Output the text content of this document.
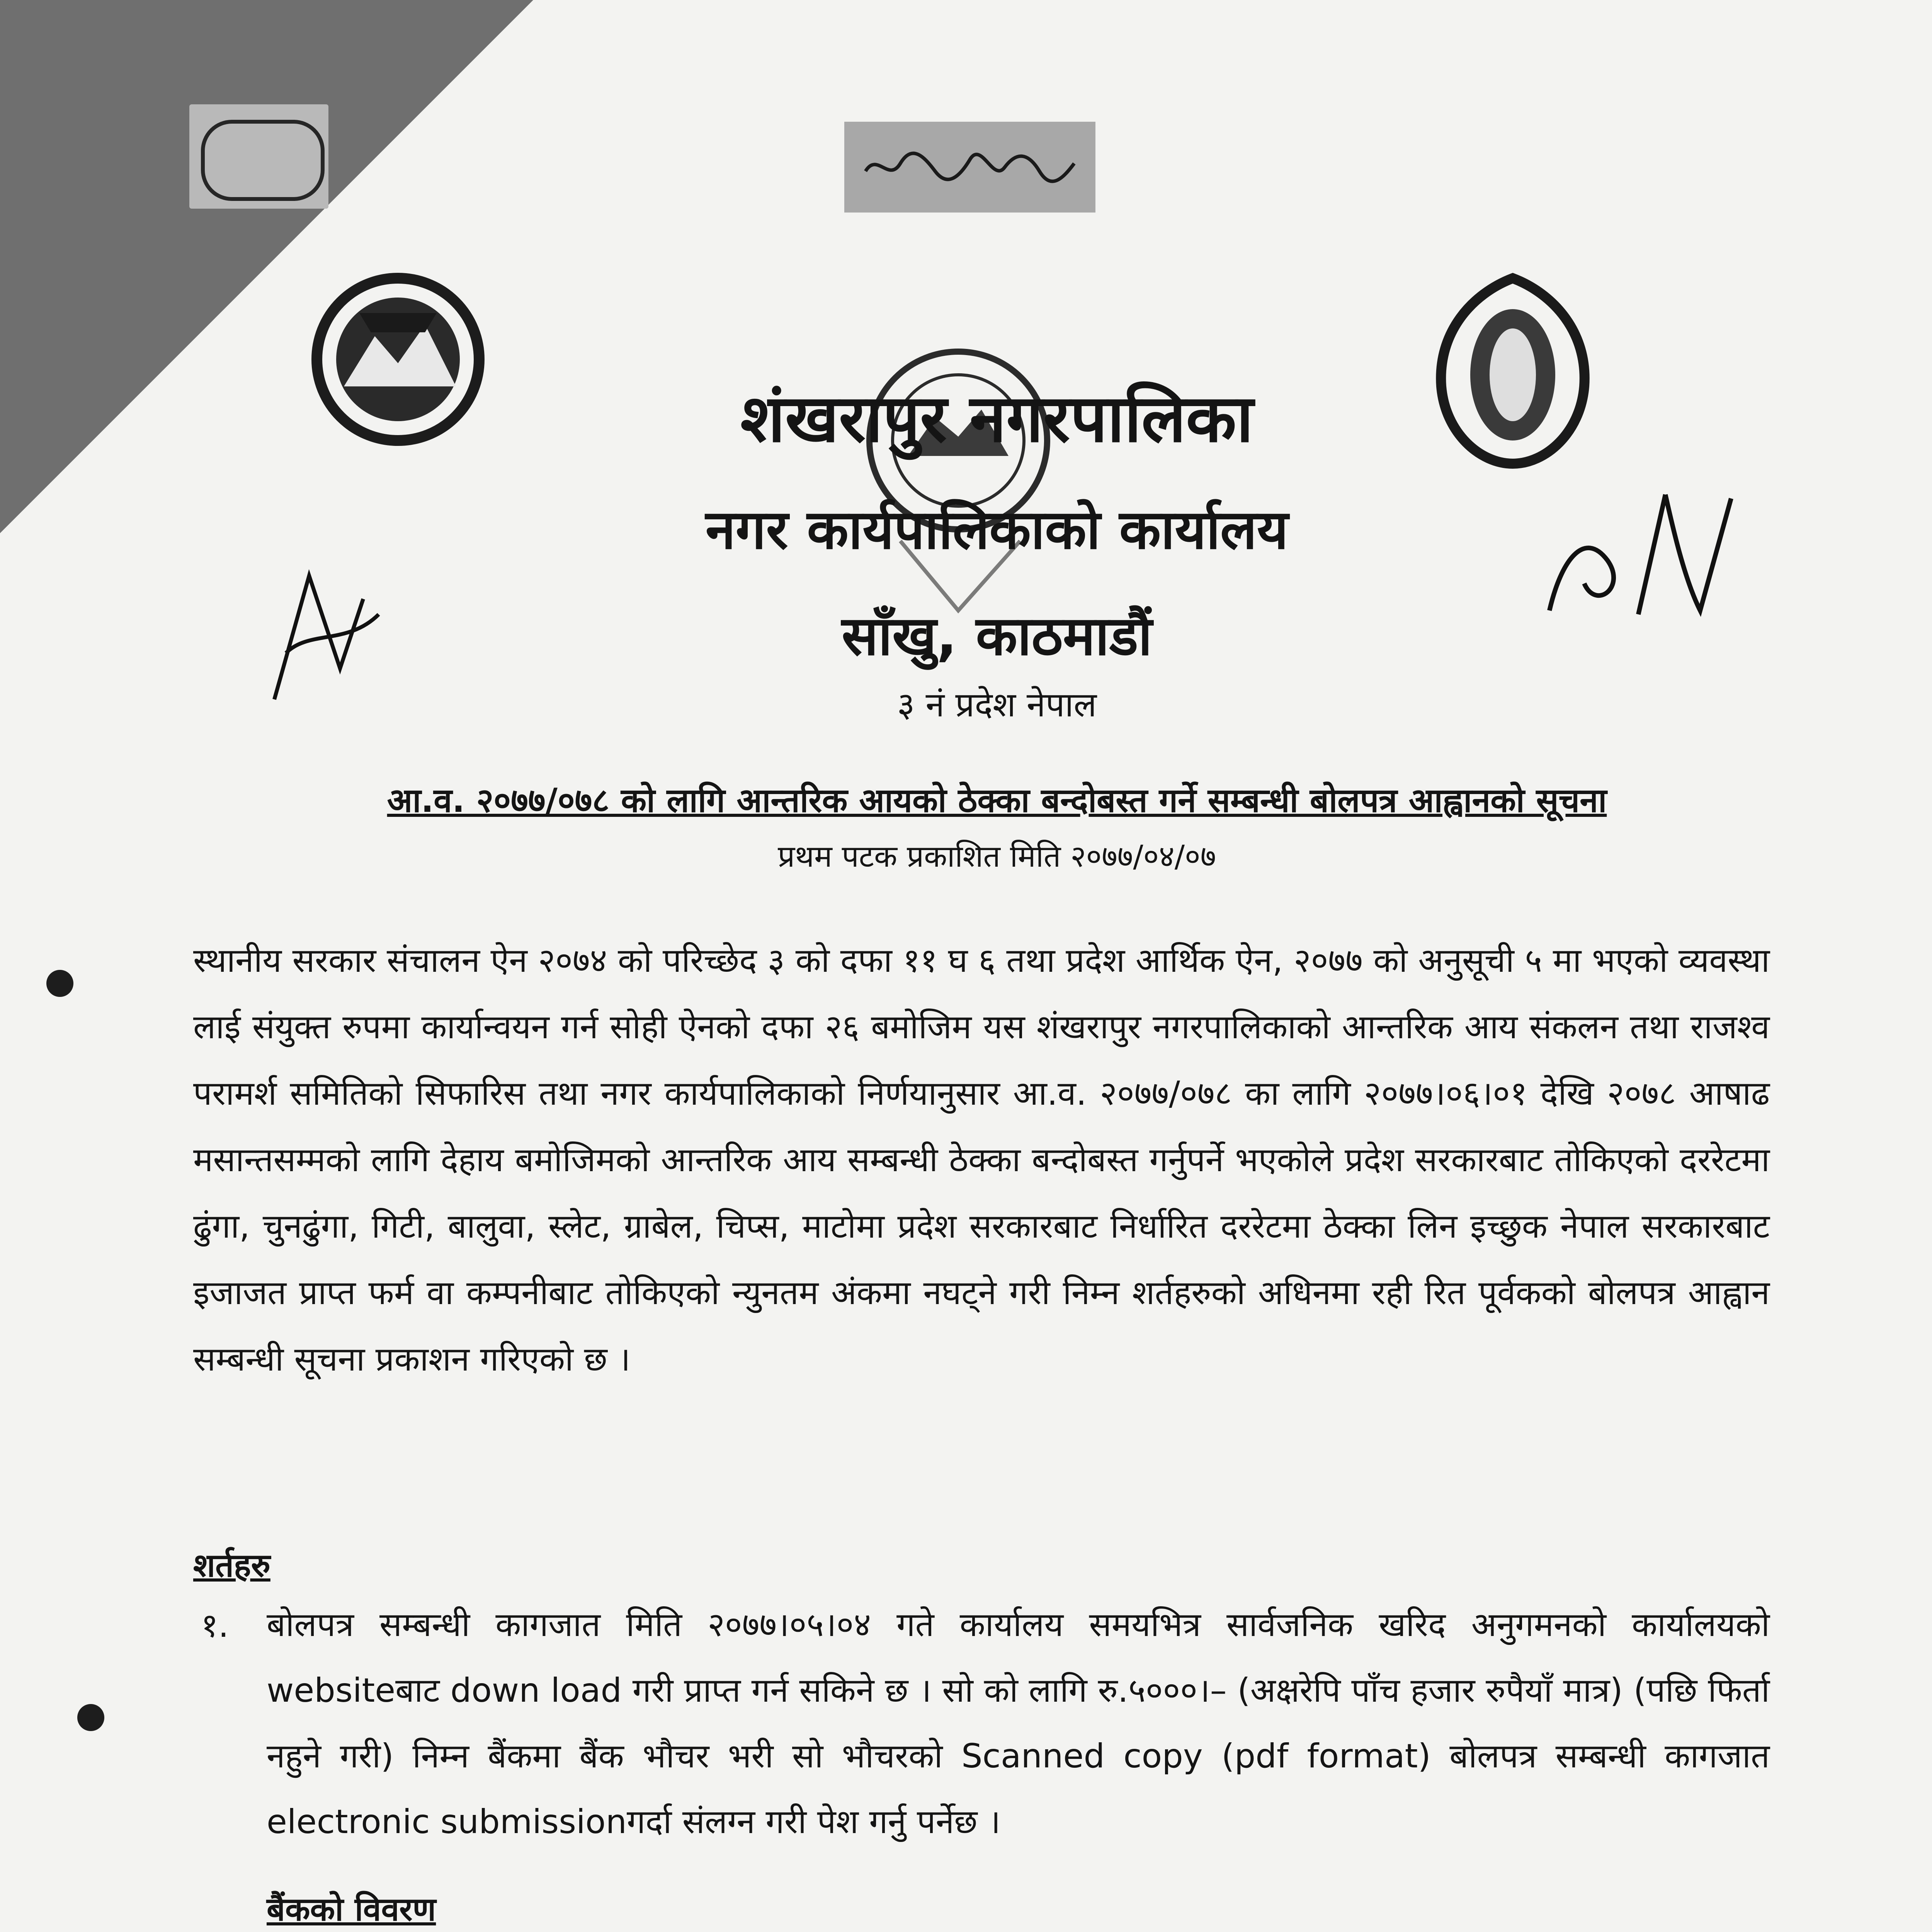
शंखरापुर नगरपालिका
नगर कार्यपालिकाको कार्यालय
साँखु, काठमाडौं
३ नं प्रदेश नेपाल
आ.व. २०७७/०७८ को लागि आन्तरिक आयको ठेक्का बन्दोबस्त गर्ने सम्बन्धी बोलपत्र आह्वानको सूचना
प्रथम पटक प्रकाशित मिति २०७७/०४/०७
स्थानीय सरकार संचालन ऐन २०७४ को परिच्छेद ३ को दफा ११ घ ६ तथा प्रदेश आर्थिक ऐन, २०७७ को अनुसूची ५ मा भएको व्यवस्था लाई संयुक्त रुपमा कार्यान्वयन गर्न सोही ऐनको दफा २६ बमोजिम यस शंखरापुर नगरपालिकाको आन्तरिक आय संकलन तथा राजश्व परामर्श समितिको सिफारिस तथा नगर कार्यपालिकाको निर्णयानुसार आ.व. २०७७/०७८ का लागि २०७७।०६।०१ देखि २०७८ आषाढ मसान्तसम्मको लागि देहाय बमोजिमको आन्तरिक आय सम्बन्धी ठेक्का बन्दोबस्त गर्नुपर्ने भएकोले प्रदेश सरकारबाट तोकिएको दररेटमा ढुंगा, चुनढुंगा, गिटी, बालुवा, स्लेट, ग्राबेल, चिप्स, माटोमा प्रदेश सरकारबाट निर्धारित दररेटमा ठेक्का लिन इच्छुक नेपाल सरकारबाट इजाजत प्राप्त फर्म वा कम्पनीबाट तोकिएको न्युनतम अंकमा नघट्ने गरी निम्न शर्तहरुको अधिनमा रही रित पूर्वकको बोलपत्र आह्वान सम्बन्धी सूचना प्रकाशन गरिएको छ ।
शर्तहरु
१. बोलपत्र सम्बन्धी कागजात मिति २०७७।०५।०४ गते कार्यालय समयभित्र सार्वजनिक खरिद अनुगमनको कार्यालयको websiteबाट down load गरी प्राप्त गर्न सकिने छ । सो को लागि रु.५०००।– (अक्षरेपि पाँच हजार रुपैयाँ मात्र) (पछि फिर्ता नहुने गरी) निम्न बैंकमा बैंक भौचर भरी सो भौचरको Scanned copy (pdf format) बोलपत्र सम्बन्धी कागजात electronic submissionगर्दा संलग्न गरी पेश गर्नु पर्नेछ ।
बैंकको विवरण
